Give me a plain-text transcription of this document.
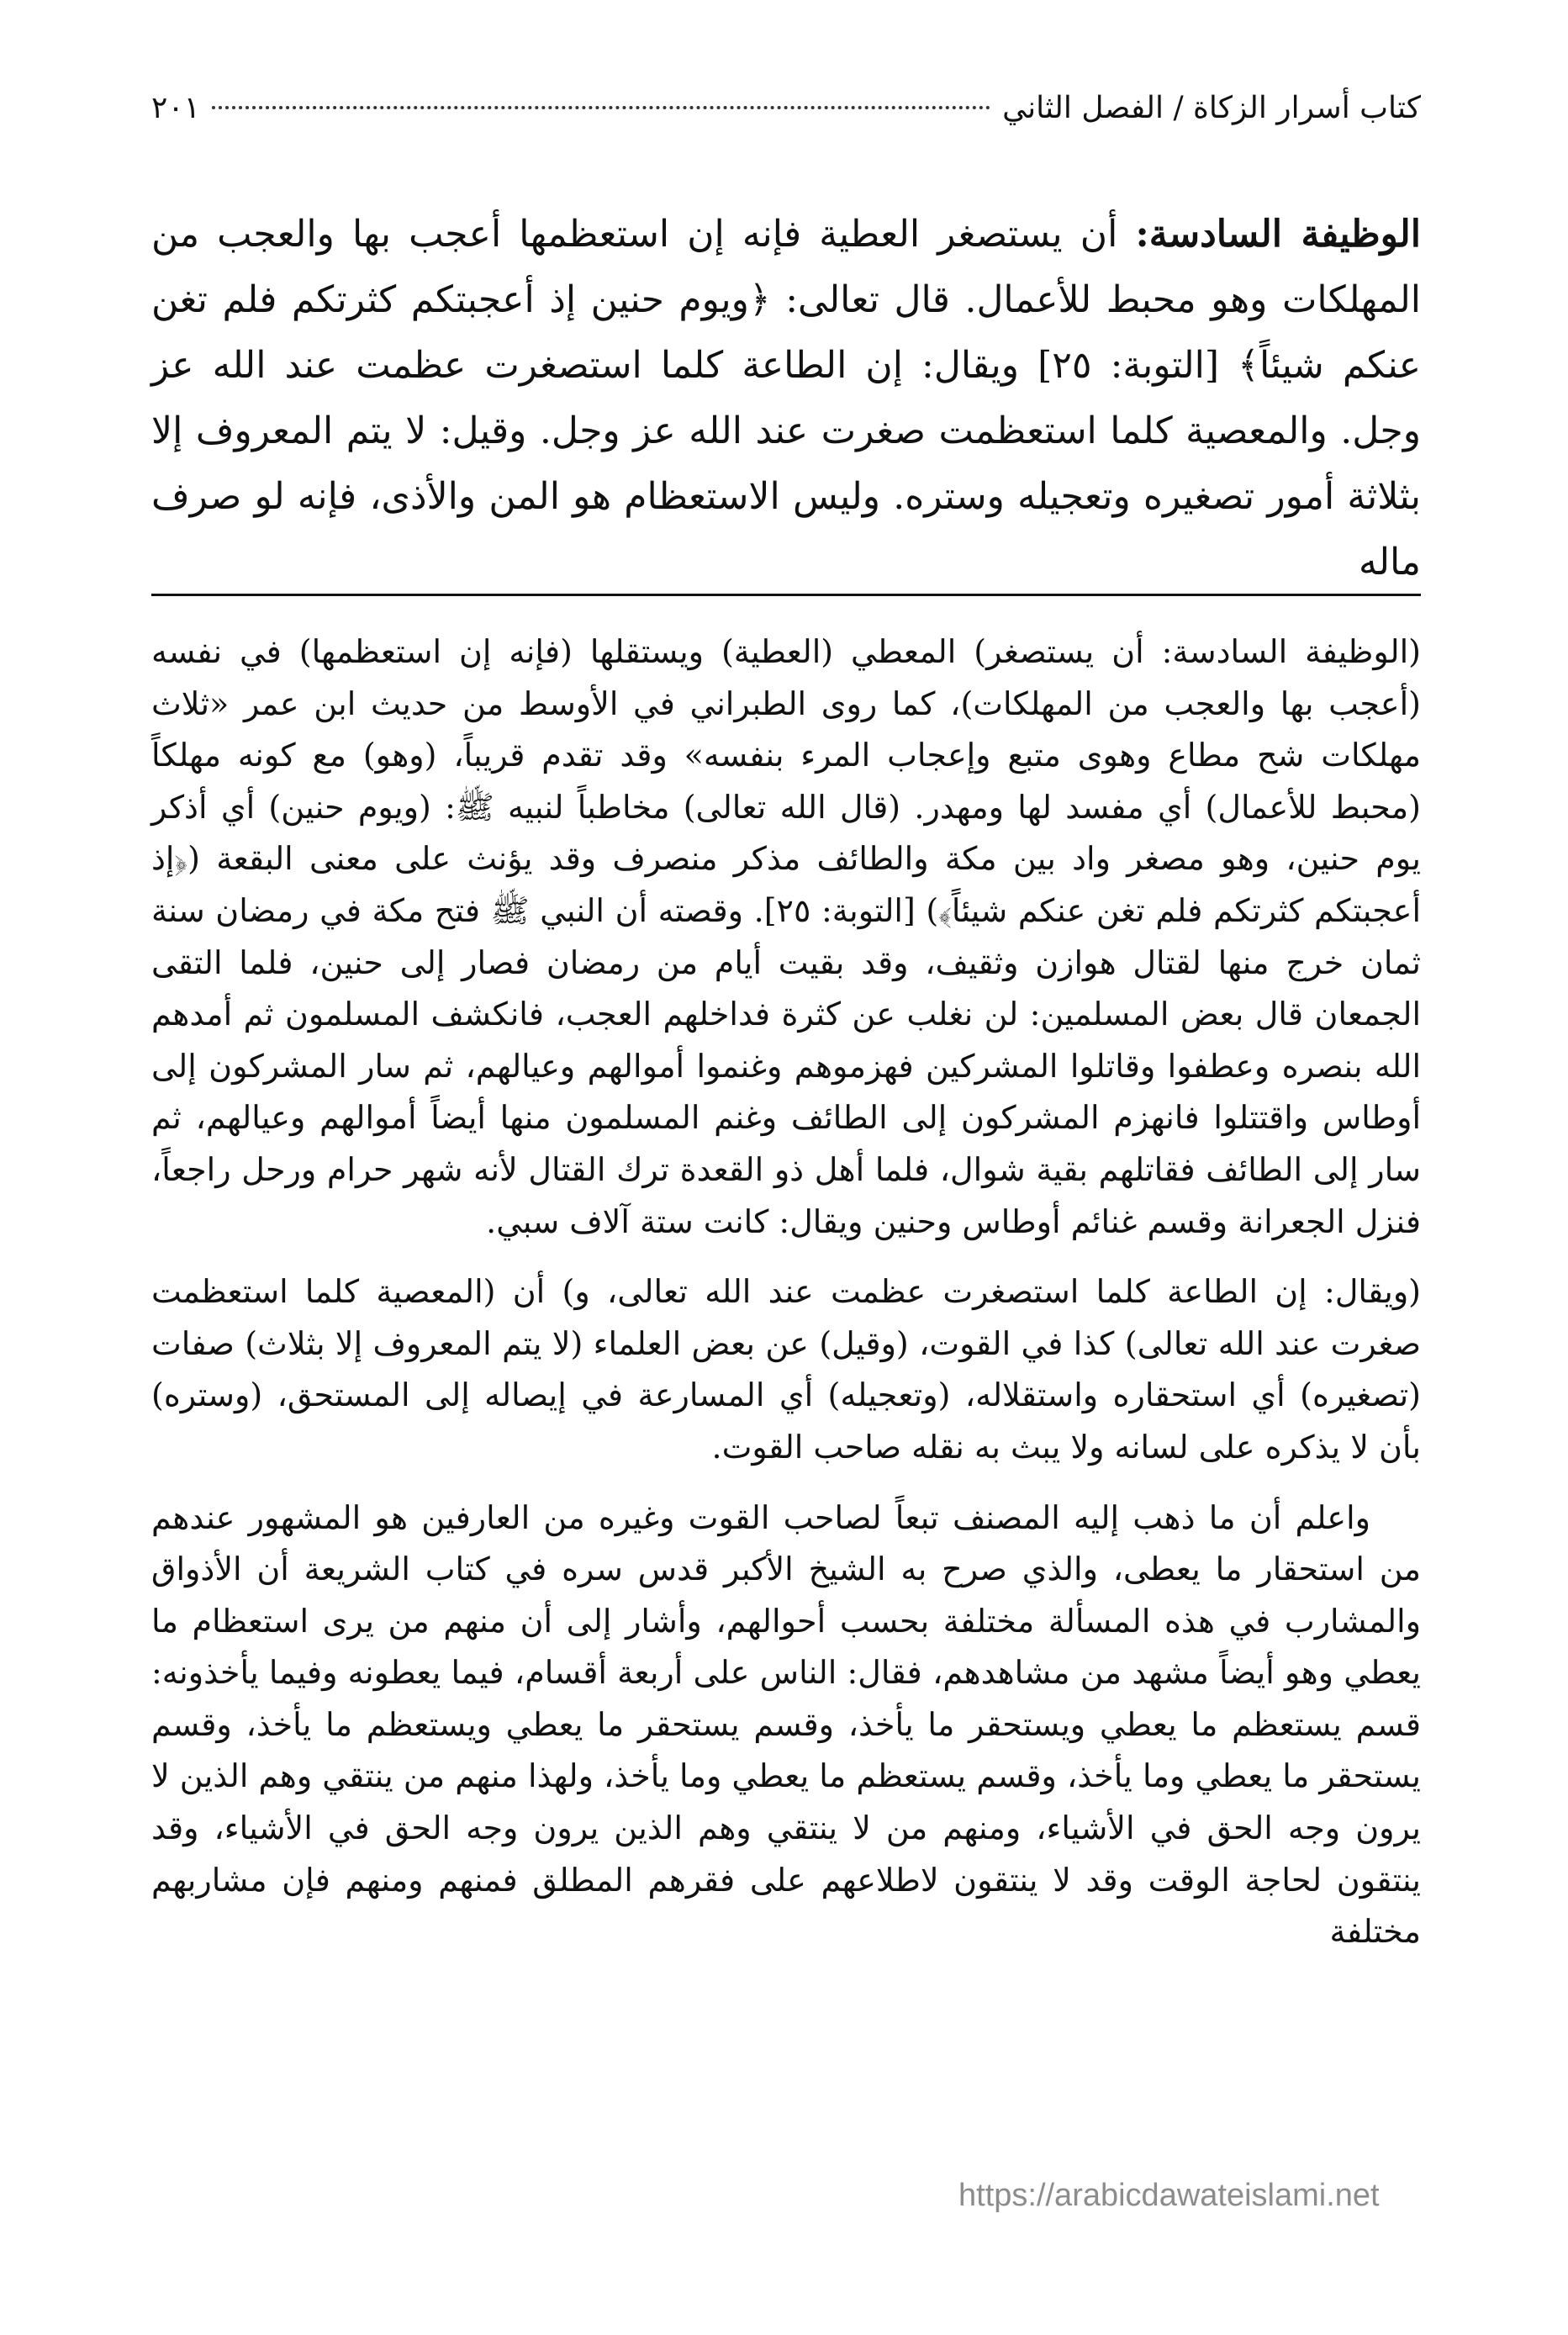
كتاب أسرار الزكاة / الفصل الثاني
٢٠١
الوظيفة السادسة: أن يستصغر العطية فإنه إن استعظمها أعجب بها والعجب من المهلكات وهو محبط للأعمال. قال تعالى: ﴿ويوم حنين إذ أعجبتكم كثرتكم فلم تغن عنكم شيئاً﴾ [التوبة: ٢٥] ويقال: إن الطاعة كلما استصغرت عظمت عند الله عز وجل. والمعصية كلما استعظمت صغرت عند الله عز وجل. وقيل: لا يتم المعروف إلا بثلاثة أمور تصغيره وتعجيله وستره. وليس الاستعظام هو المن والأذى، فإنه لو صرف ماله

(الوظيفة السادسة: أن يستصغر) المعطي (العطية) ويستقلها (فإنه إن استعظمها) في نفسه (أعجب بها والعجب من المهلكات)، كما روى الطبراني في الأوسط من حديث ابن عمر «ثلاث مهلكات شح مطاع وهوى متبع وإعجاب المرء بنفسه» وقد تقدم قريباً، (وهو) مع كونه مهلكاً (محبط للأعمال) أي مفسد لها ومهدر. (قال الله تعالى) مخاطباً لنبيه ﷺ: (ويوم حنين) أي أذكر يوم حنين، وهو مصغر واد بين مكة والطائف مذكر منصرف وقد يؤنث على معنى البقعة (﴿إذ أعجبتكم كثرتكم فلم تغن عنكم شيئاً﴾) [التوبة: ٢٥]. وقصته أن النبي ﷺ فتح مكة في رمضان سنة ثمان خرج منها لقتال هوازن وثقيف، وقد بقيت أيام من رمضان فصار إلى حنين، فلما التقى الجمعان قال بعض المسلمين: لن نغلب عن كثرة فداخلهم العجب، فانكشف المسلمون ثم أمدهم الله بنصره وعطفوا وقاتلوا المشركين فهزموهم وغنموا أموالهم وعيالهم، ثم سار المشركون إلى أوطاس واقتتلوا فانهزم المشركون إلى الطائف وغنم المسلمون منها أيضاً أموالهم وعيالهم، ثم سار إلى الطائف فقاتلهم بقية شوال، فلما أهل ذو القعدة ترك القتال لأنه شهر حرام ورحل راجعاً، فنزل الجعرانة وقسم غنائم أوطاس وحنين ويقال: كانت ستة آلاف سبي.

(ويقال: إن الطاعة كلما استصغرت عظمت عند الله تعالى، و) أن (المعصية كلما استعظمت صغرت عند الله تعالى) كذا في القوت، (وقيل) عن بعض العلماء (لا يتم المعروف إلا بثلاث) صفات (تصغيره) أي استحقاره واستقلاله، (وتعجيله) أي المسارعة في إيصاله إلى المستحق، (وستره) بأن لا يذكره على لسانه ولا يبث به نقله صاحب القوت.

واعلم أن ما ذهب إليه المصنف تبعاً لصاحب القوت وغيره من العارفين هو المشهور عندهم من استحقار ما يعطى، والذي صرح به الشيخ الأكبر قدس سره في كتاب الشريعة أن الأذواق والمشارب في هذه المسألة مختلفة بحسب أحوالهم، وأشار إلى أن منهم من يرى استعظام ما يعطي وهو أيضاً مشهد من مشاهدهم، فقال: الناس على أربعة أقسام، فيما يعطونه وفيما يأخذونه: قسم يستعظم ما يعطي ويستحقر ما يأخذ، وقسم يستحقر ما يعطي ويستعظم ما يأخذ، وقسم يستحقر ما يعطي وما يأخذ، وقسم يستعظم ما يعطي وما يأخذ، ولهذا منهم من ينتقي وهم الذين لا يرون وجه الحق في الأشياء، ومنهم من لا ينتقي وهم الذين يرون وجه الحق في الأشياء، وقد ينتقون لحاجة الوقت وقد لا ينتقون لاطلاعهم على فقرهم المطلق فمنهم ومنهم فإن مشاربهم مختلفة

https://arabicdawateislami.net
